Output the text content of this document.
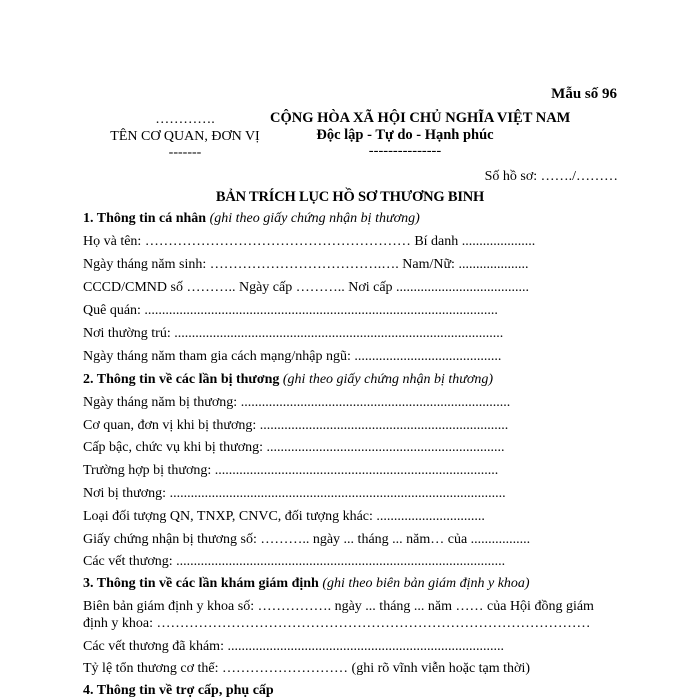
Mẫu số 96
………….
TÊN CƠ QUAN, ĐƠN VỊ
-------
CỘNG HÒA XÃ HỘI CHỦ NGHĨA VIỆT NAM
Độc lập - Tự do - Hạnh phúc
---------------
Số hồ sơ: ……./………
BẢN TRÍCH LỤC HỒ SƠ THƯƠNG BINH
1. Thông tin cá nhân (ghi theo giấy chứng nhận bị thương)
Họ và tên: ………………………………………………… Bí danh .....................
Ngày tháng năm sinh: ……………………………….…. Nam/Nữ: ....................
CCCD/CMND số ……….. Ngày cấp ……….. Nơi cấp ......................................
Quê quán: .....................................................................................................
Nơi thường trú: ..............................................................................................
Ngày tháng năm tham gia cách mạng/nhập ngũ: ..........................................
2. Thông tin về các lần bị thương (ghi theo giấy chứng nhận bị thương)
Ngày tháng năm bị thương: .............................................................................
Cơ quan, đơn vị khi bị thương: .......................................................................
Cấp bậc, chức vụ khi bị thương: ....................................................................
Trường hợp bị thương: .................................................................................
Nơi bị thương: ................................................................................................
Loại đối tượng QN, TNXP, CNVC, đối tượng khác: ...............................
Giấy chứng nhận bị thương số: ……….. ngày ... tháng ... năm… của .................
Các vết thương: ..............................................................................................
3. Thông tin về các lần khám giám định (ghi theo biên bản giám định y khoa)
Biên bản giám định y khoa số: ……………. ngày ... tháng ... năm …… của Hội đồng giám
định y khoa: …………………………………………………………………………………
Các vết thương đã khám: ...............................................................................
Tỷ lệ tổn thương cơ thể: ……………………… (ghi rõ vĩnh viễn hoặc tạm thời)
4. Thông tin về trợ cấp, phụ cấp
